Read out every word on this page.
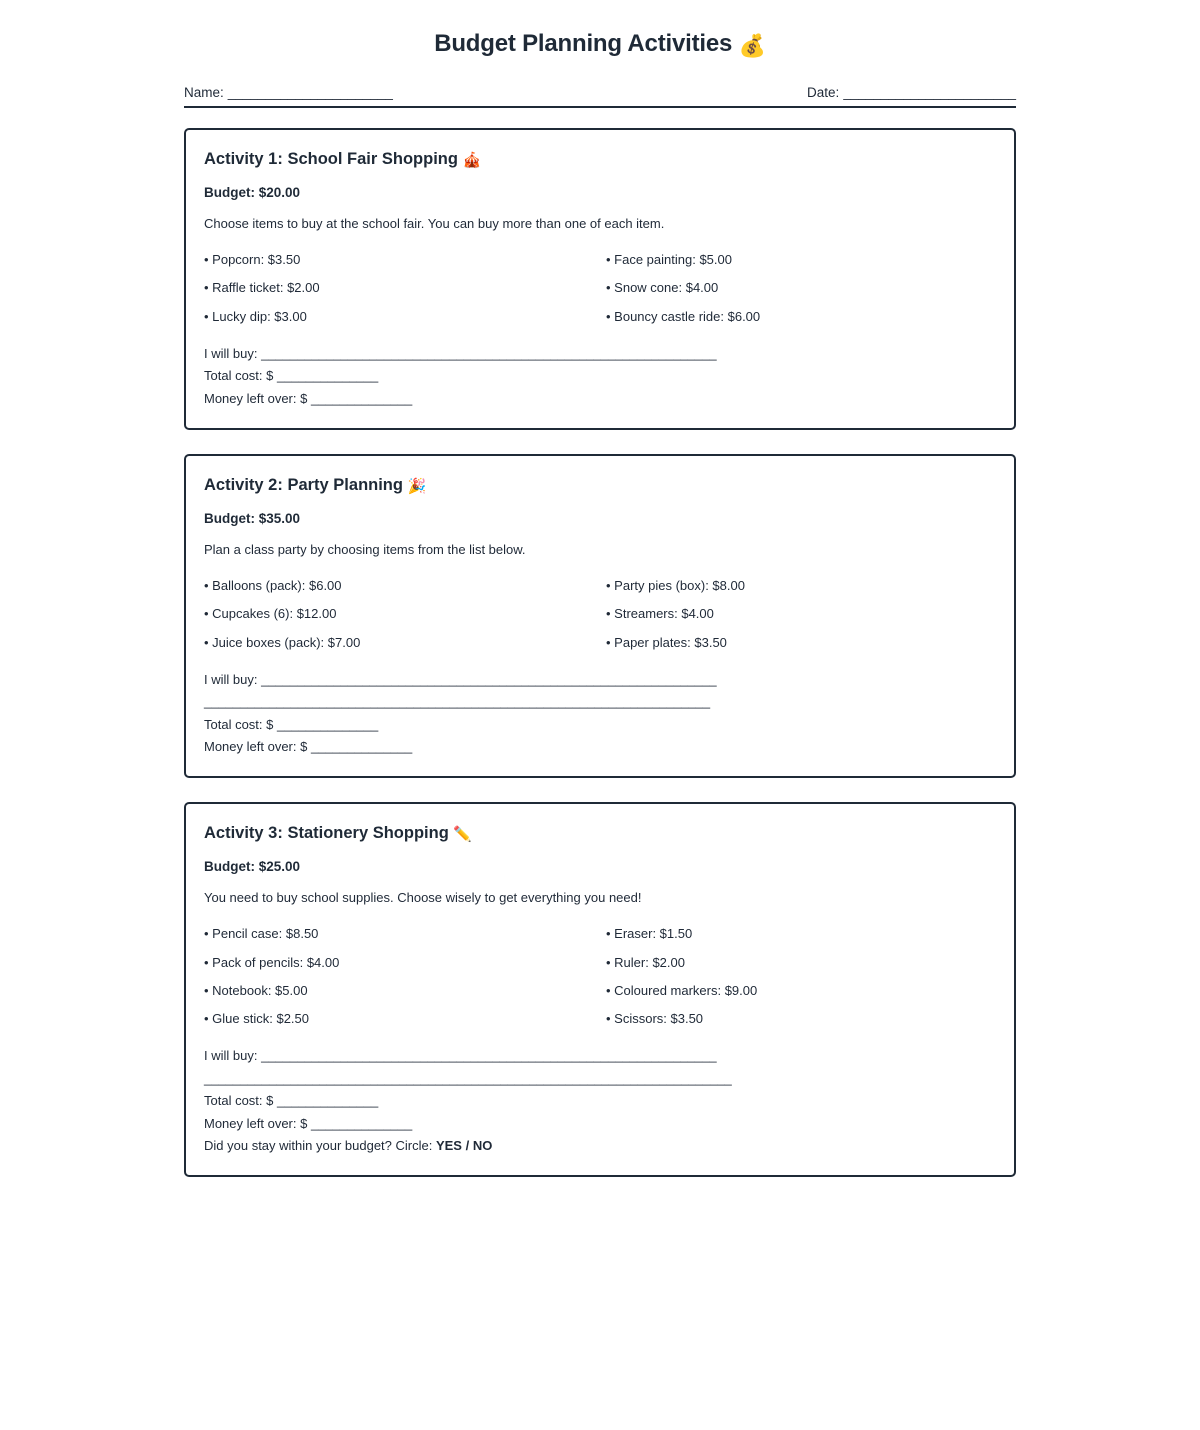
Budget Planning Activities 💰
Name: ______________________	Date: _______________________
Activity 1: School Fair Shopping 🎪
Budget: $20.00
Choose items to buy at the school fair. You can buy more than one of each item.
• Popcorn: $3.50	• Face painting: $5.00
• Raffle ticket: $2.00	• Snow cone: $4.00
• Lucky dip: $3.00	• Bouncy castle ride: $6.00
I will buy: _______________________________________________________________
Total cost: $ ______________
Money left over: $ ______________
Activity 2: Party Planning 🎉
Budget: $35.00
Plan a class party by choosing items from the list below.
• Balloons (pack): $6.00	• Party pies (box): $8.00
• Cupcakes (6): $12.00	• Streamers: $4.00
• Juice boxes (pack): $7.00	• Paper plates: $3.50
I will buy: _______________________________________________________________
______________________________________________________________________
Total cost: $ ______________
Money left over: $ ______________
Activity 3: Stationery Shopping ✏️
Budget: $25.00
You need to buy school supplies. Choose wisely to get everything you need!
• Pencil case: $8.50	• Eraser: $1.50
• Pack of pencils: $4.00	• Ruler: $2.00
• Notebook: $5.00	• Coloured markers: $9.00
• Glue stick: $2.50	• Scissors: $3.50
I will buy: _______________________________________________________________
_________________________________________________________________________
Total cost: $ ______________
Money left over: $ ______________
Did you stay within your budget? Circle: YES / NO
